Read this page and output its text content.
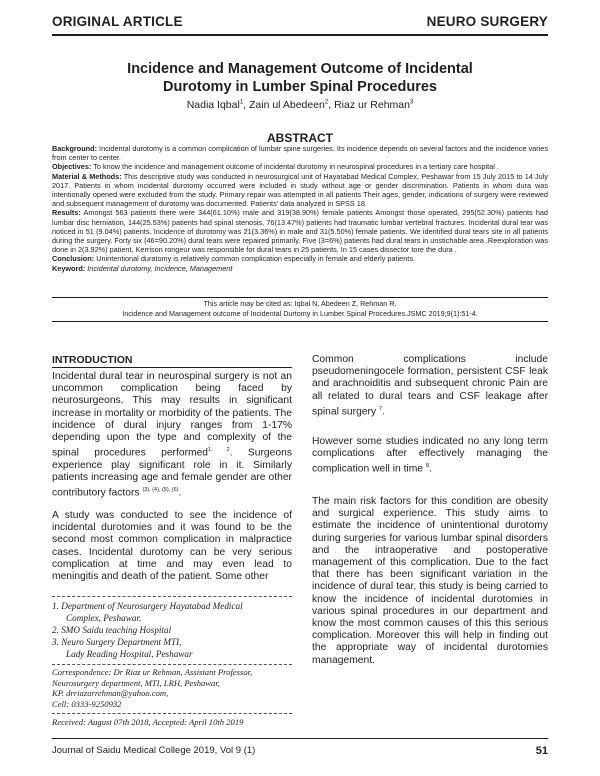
ORIGINAL ARTICLE	NEURO SURGERY
Incidence and Management Outcome of Incidental
Durotomy in Lumber Spinal Procedures
Nadia Iqbal$^1$, Zain ul Abedeen$^2$, Riaz ur Rehman$^3$
ABSTRACT

Background: Incidental durotomy is a common complication of lumbar spine surgeries. Its incidence depends on several factors and the incidence varies from center to center.

Objectives: To know the incidence and management outcome of incidental durotomy in neurospinal procedures in a tertiary care hospital .

Material & Methods: This descriptive study was conducted in neurosurgical unit of Hayatabad Medical Complex, Peshawar from 15 July 2015 to 14 July 2017. Patients in whom incidental durotomy occurred were included in study without age or gender discrimination. Patients in whom dura was intentionally opened were excluded from the study. Primary repair was attempted in all patients Their ages, gender, indications of surgery were reviewed and subsequent management of durotomy was documented. Patients' data analyzed in SPSS 18.

Results: Amongst 563 patients there were 344(61.10%) male and 319(38.90%) female patients Amongst those operated, 295(52.30%) patients had lumbar disc herniation, 144(25.53%) patients had spinal stenosis, 76(13.47%) patients had traumatic lumbar vertebral fractures. Incidental dural tear was noticed in 51 (9.04%) patients. Incidence of durotomy was 21(3.36%) in male and 31(5.50%) female patients. We identified dural tears site in all patients during the surgery. Forty six (46=90.20%) dural tears were repaired primarily. Five (3=6%) patients had dural tears in unstichable area .Reexploration was done in 2(3.92%) patient. Kerrison rongeur was responsible for dural tears in 25 patients. In 15 cases dissector tore the dura .

Conclusion: Unintentional duratomy is relatively common complication especially in female and elderly patients.

Keyword: Incidental durotomy, Incidence, Management

This article may be cited as: Iqbal N, Abedeen Z, Rehman R.
Incidence and Management outcome of Incidental Durtomy in Lumber Spinal Procedures.JSMC 2019;9(1):51-4.
INTRODUCTION

Incidental dural tear in neurospinal surgery is not an uncommon complication being faced by neurosurgeons. This may results in significant increase in mortality or morbidity of the patients. The incidence of dural injury ranges from 1-17% depending upon the type and complexity of the spinal procedures performed$^{1, 2}$. Surgeons experience play significant role in it. Similarly patients increasing age and female gender are other contributory factors $^{(3), (4), (5), (6)}$.

A study was conducted to see the incidence of incidental durotomies and it was found to be the second most common complication in malpractice cases. Incidental durotomy can be very serious complication at time and may even lead to meningitis and death of the patient. Some other

1. Department of Neurosurgery Hayatabad Medical

Complex, Peshawar.

2. SMO Saidu teaching Hospital

3. Neuro Surgery Department MTI,

Lady Reading Hospital, Peshawar

Correspondence: Dr Riaz ur Rehman, Assistant Professor,

Neurosurgery department, MTI, LRH, Peshawar,

KP. drriazurrehman@yahoo.com,

Cell: 0333-9250932

Received: August 07th 2018, Accepted: April 10th 2019

Common complications include pseudomeningocele formation, persistent CSF leak and arachnoiditis and subsequent chronic Pain are all related to dural tears and CSF leakage after spinal surgery $^7$.

However some studies indicated no any long term complications after effectively managing the complication well in time $^8$.

The main risk factors for this condition are obesity and surgical experience. This study aims to estimate the incidence of unintentional durotomy during surgeries for various lumbar spinal disorders and the intraoperative and postoperative management of this complication. Due to the fact that there has been significant variation in the incidence of dural tear, this study is being carried to know the incidence of incidental durotomies in various spinal procedures in our department and know the most common causes of this this serious complication. Moreover this will help in finding out the appropriate way of incidental durotomies management.

Journal of Saidu Medical College 2019, Vol 9 (1)	51
